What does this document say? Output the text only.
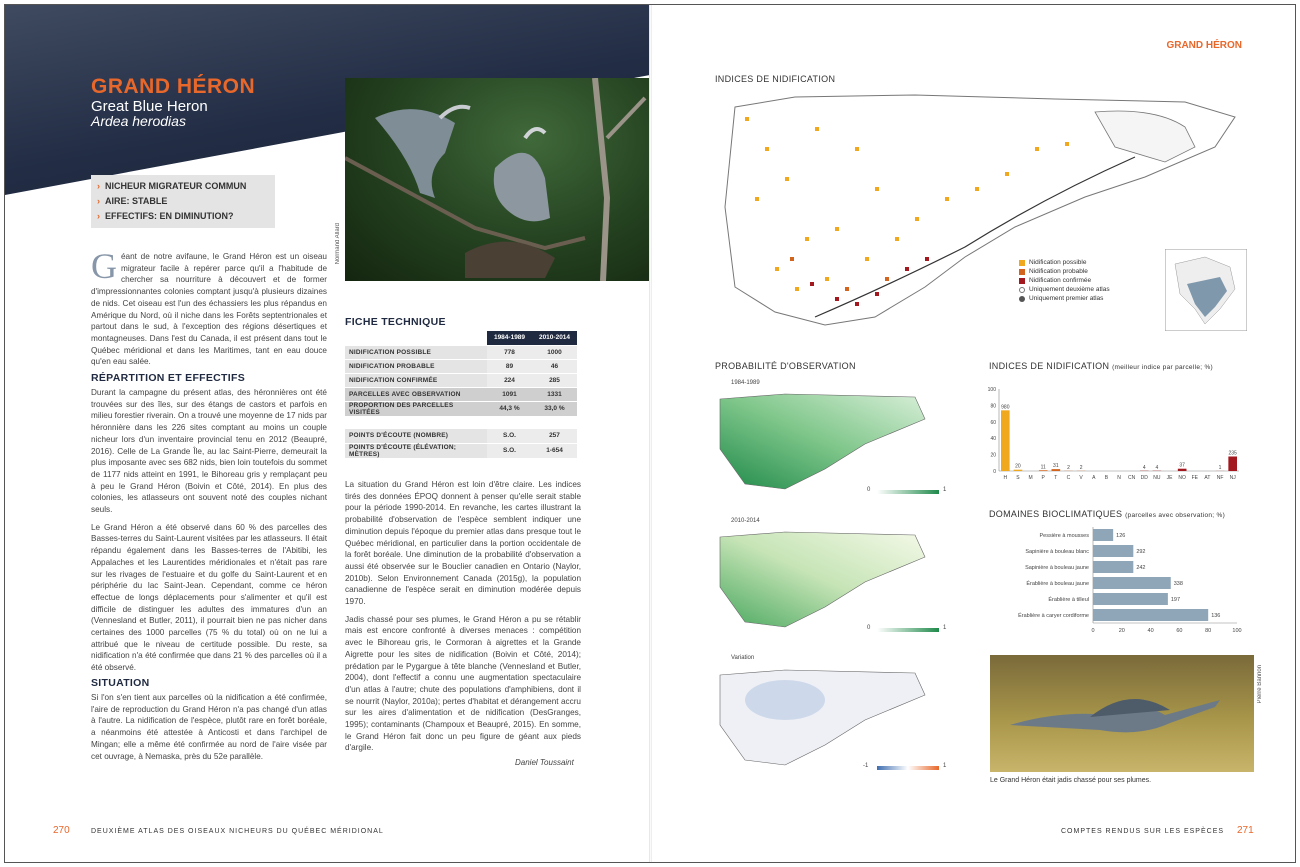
GRAND HÉRON
Great Blue Heron
Ardea herodias
› NICHEUR MIGRATEUR COMMUN
› AIRE: STABLE
› EFFECTIFS: EN DIMINUTION?
Normand Allard
Géant de notre avifaune, le Grand Héron est un oiseau migrateur facile à repérer parce qu'il a l'habitude de chercher sa nourriture à découvert et de former d'impressionnantes colonies comptant jusqu'à plusieurs dizaines de nids. Cet oiseau est l'un des échassiers les plus répandus en Amérique du Nord, où il niche dans les Forêts septentrionales et partout dans le sud, à l'exception des régions désertiques et montagneuses. Dans l'est du Canada, il est présent dans tout le Québec méridional et dans les Maritimes, tant en eau douce qu'en eau salée.
RÉPARTITION ET EFFECTIFS

Durant la campagne du présent atlas, des héronnières ont été trouvées sur des îles, sur des étangs de castors et parfois en milieu forestier riverain. On a trouvé une moyenne de 17 nids par héronnière dans les 226 sites comptant au moins un couple nicheur lors d'un inventaire provincial tenu en 2012 (Beaupré, 2016). Celle de La Grande Île, au lac Saint-Pierre, demeurait la plus imposante avec ses 682 nids, bien loin toutefois du sommet de 1177 nids atteint en 1991, le Bihoreau gris y remplaçant peu à peu le Grand Héron (Boivin et Côté, 2014). En plus des colonies, les atlasseurs ont souvent noté des couples nichant seuls.

Le Grand Héron a été observé dans 60 % des parcelles des Basses-terres du Saint-Laurent visitées par les atlasseurs. Il était répandu également dans les Basses-terres de l'Abitibi, les Appalaches et les Laurentides méridionales et n'était pas rare sur les rivages de l'estuaire et du golfe du Saint-Laurent et en périphérie du lac Saint-Jean. Cependant, comme ce héron effectue de longs déplacements pour s'alimenter et qu'il est difficile de distinguer les adultes des immatures d'un an (Vennesland et Butler, 2011), il pourrait bien ne pas nicher dans certaines des 1000 parcelles (75 % du total) où on ne lui a attribué que le niveau de certitude possible. Du reste, sa nidification n'a été confirmée que dans 21 % des parcelles où il a été observé.

SITUATION
Si l'on s'en tient aux parcelles où la nidification a été confirmée, l'aire de reproduction du Grand Héron n'a pas changé d'un atlas à l'autre. La nidification de l'espèce, plutôt rare en forêt boréale, a néanmoins été attestée à Anticosti et dans l'archipel de Mingan; elle a même été confirmée au nord de l'aire visée par cet ouvrage, à Nemaska, près du 52e parallèle.
FICHE TECHNIQUE
	1984-1989	2010-2014
NIDIFICATION POSSIBLE	778	1000
NIDIFICATION PROBABLE	89	46
NIDIFICATION CONFIRMÉE	224	285
PARCELLES AVEC OBSERVATION	1091	1331
PROPORTION DES PARCELLES VISITÉES	44,3 %	33,0 %
POINTS D'ÉCOUTE (NOMBRE)	S.O.	257
POINTS D'ÉCOUTE (ÉLÉVATION; MÈTRES)	S.O.	1-654

La situation du Grand Héron est loin d'être claire. Les indices tirés des données ÉPOQ donnent à penser qu'elle serait stable pour la période 1990-2014. En revanche, les cartes illustrant la probabilité d'observation de l'espèce semblent indiquer une diminution depuis l'époque du premier atlas dans presque tout le Québec méridional, en particulier dans la portion occidentale de la forêt boréale. Une diminution de la probabilité d'observation a aussi été observée sur le Bouclier canadien en Ontario (Naylor, 2010b). Selon Environnement Canada (2015g), la population canadienne de l'espèce serait en diminution modérée depuis 1970.

Jadis chassé pour ses plumes, le Grand Héron a pu se rétablir mais est encore confronté à diverses menaces : compétition avec le Bihoreau gris, le Cormoran à aigrettes et la Grande Aigrette pour les sites de nidification (Boivin et Côté, 2014); prédation par le Pygargue à tête blanche (Vennesland et Butler, 2004), dont l'effectif a connu une augmentation spectaculaire d'un atlas à l'autre; chute des populations d'amphibiens, dont il se nourrit (Naylor, 2010a); pertes d'habitat et dérangement accru sur les aires d'alimentation et de nidification (DesGranges, 1995); contaminants (Champoux et Beaupré, 2015). En somme, le Grand Héron fait donc un peu figure de géant aux pieds d'argile.

Daniel Toussaint
270	DEUXIÈME ATLAS DES OISEAUX NICHEURS DU QUÉBEC MÉRIDIONAL
GRAND HÉRON
INDICES DE NIDIFICATION
Nidification possible
Nidification probable
Nidification confirmée
Uniquement deuxième atlas
Uniquement premier atlas
PROBABILITÉ D'OBSERVATION
1984-1989
0	1
2010-2014
0	1
Variation
-1	1
INDICES DE NIDIFICATION (meilleur indice par parcelle; %)
0
20
40
60
80
100
H
980
S
20
M P
11
T
31
C
2
V
2
A B N CN DD
4
NU
4
JE NO
37
FE AT NF
1
NJ
235
DOMAINES BIOCLIMATIQUES (parcelles avec observation; %)
Pessière à mousses	126
Sapinière à bouleau blanc	292
Sapinière à bouleau jaune	242
Érablière à bouleau jaune	338
Érablière à tilleul	197
Érablière à caryer cordiforme	136
0	20	40	60	80	100
Pierre Bannon
Le Grand Héron était jadis chassé pour ses plumes.
COMPTES RENDUS SUR LES ESPÈCES 271
